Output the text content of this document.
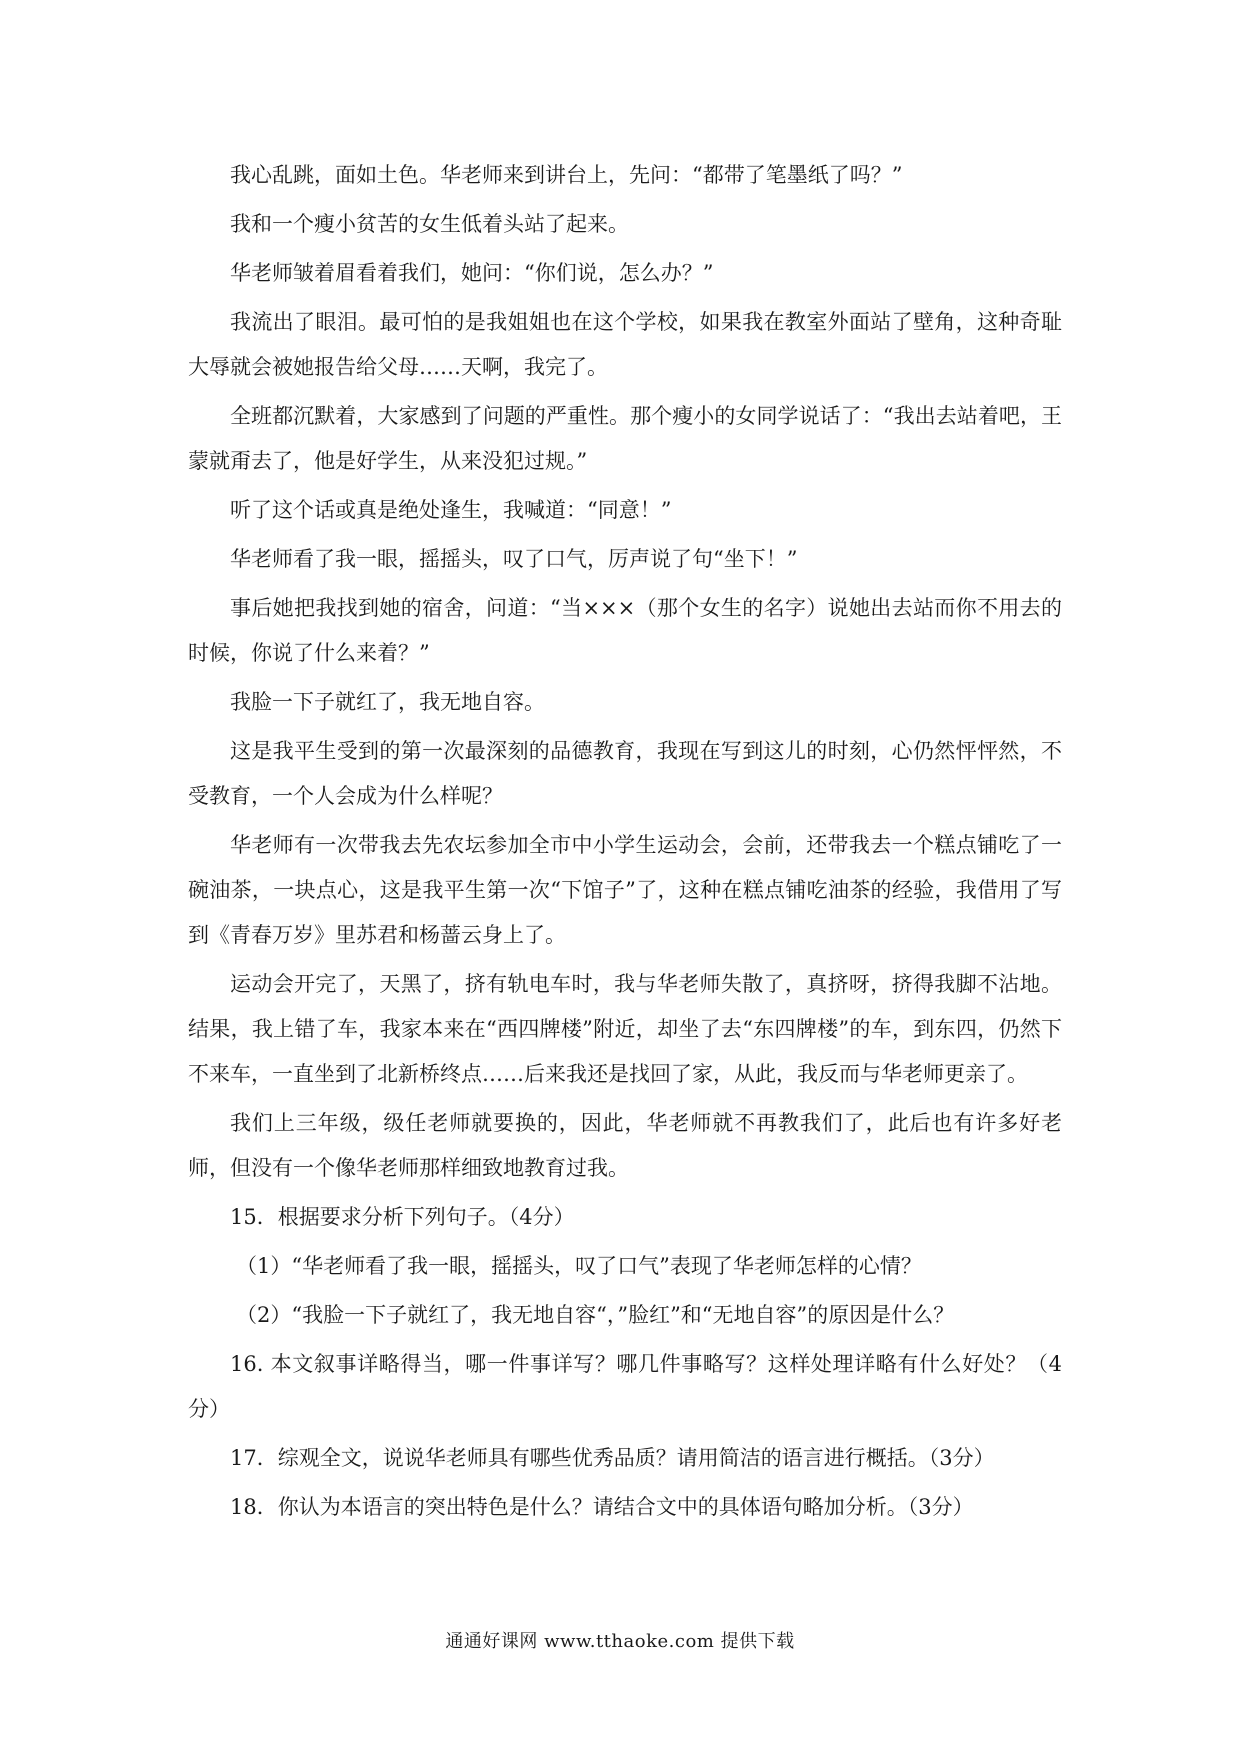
我心乱跳，面如土色。华老师来到讲台上，先问：“都带了笔墨纸了吗？”

我和一个瘦小贫苦的女生低着头站了起来。

华老师皱着眉看着我们，她问：“你们说，怎么办？”

我流出了眼泪。最可怕的是我姐姐也在这个学校，如果我在教室外面站了壁角，这种奇耻大辱就会被她报告给父母……天啊，我完了。

全班都沉默着，大家感到了问题的严重性。那个瘦小的女同学说话了：“我出去站着吧，王蒙就甭去了，他是好学生，从来没犯过规。”

听了这个话或真是绝处逢生，我喊道：“同意！”

华老师看了我一眼，摇摇头，叹了口气，厉声说了句“坐下！”

事后她把我找到她的宿舍，问道：“当×××（那个女生的名字）说她出去站而你不用去的时候，你说了什么来着？”

我脸一下子就红了，我无地自容。

这是我平生受到的第一次最深刻的品德教育，我现在写到这儿的时刻，心仍然怦怦然，不受教育，一个人会成为什么样呢？

华老师有一次带我去先农坛参加全市中小学生运动会，会前，还带我去一个糕点铺吃了一碗油茶，一块点心，这是我平生第一次“下馆子”了，这种在糕点铺吃油茶的经验，我借用了写到《青春万岁》里苏君和杨蔷云身上了。

运动会开完了，天黑了，挤有轨电车时，我与华老师失散了，真挤呀，挤得我脚不沾地。结果，我上错了车，我家本来在“西四牌楼”附近，却坐了去“东四牌楼”的车，到东四，仍然下不来车，一直坐到了北新桥终点……后来我还是找回了家，从此，我反而与华老师更亲了。

我们上三年级，级任老师就要换的，因此，华老师就不再教我们了，此后也有许多好老师，但没有一个像华老师那样细致地教育过我。

15．根据要求分析下列句子。（4分）

（1）“华老师看了我一眼，摇摇头，叹了口气”表现了华老师怎样的心情？

（2）“我脸一下子就红了，我无地自容“，”脸红”和“无地自容”的原因是什么？

16. 本文叙事详略得当，哪一件事详写？哪几件事略写？这样处理详略有什么好处？（4分）

17．综观全文，说说华老师具有哪些优秀品质？请用简洁的语言进行概括。（3分）

18．你认为本语言的突出特色是什么？请结合文中的具体语句略加分析。（3分）

通通好课网 www.tthaoke.com 提供下载
